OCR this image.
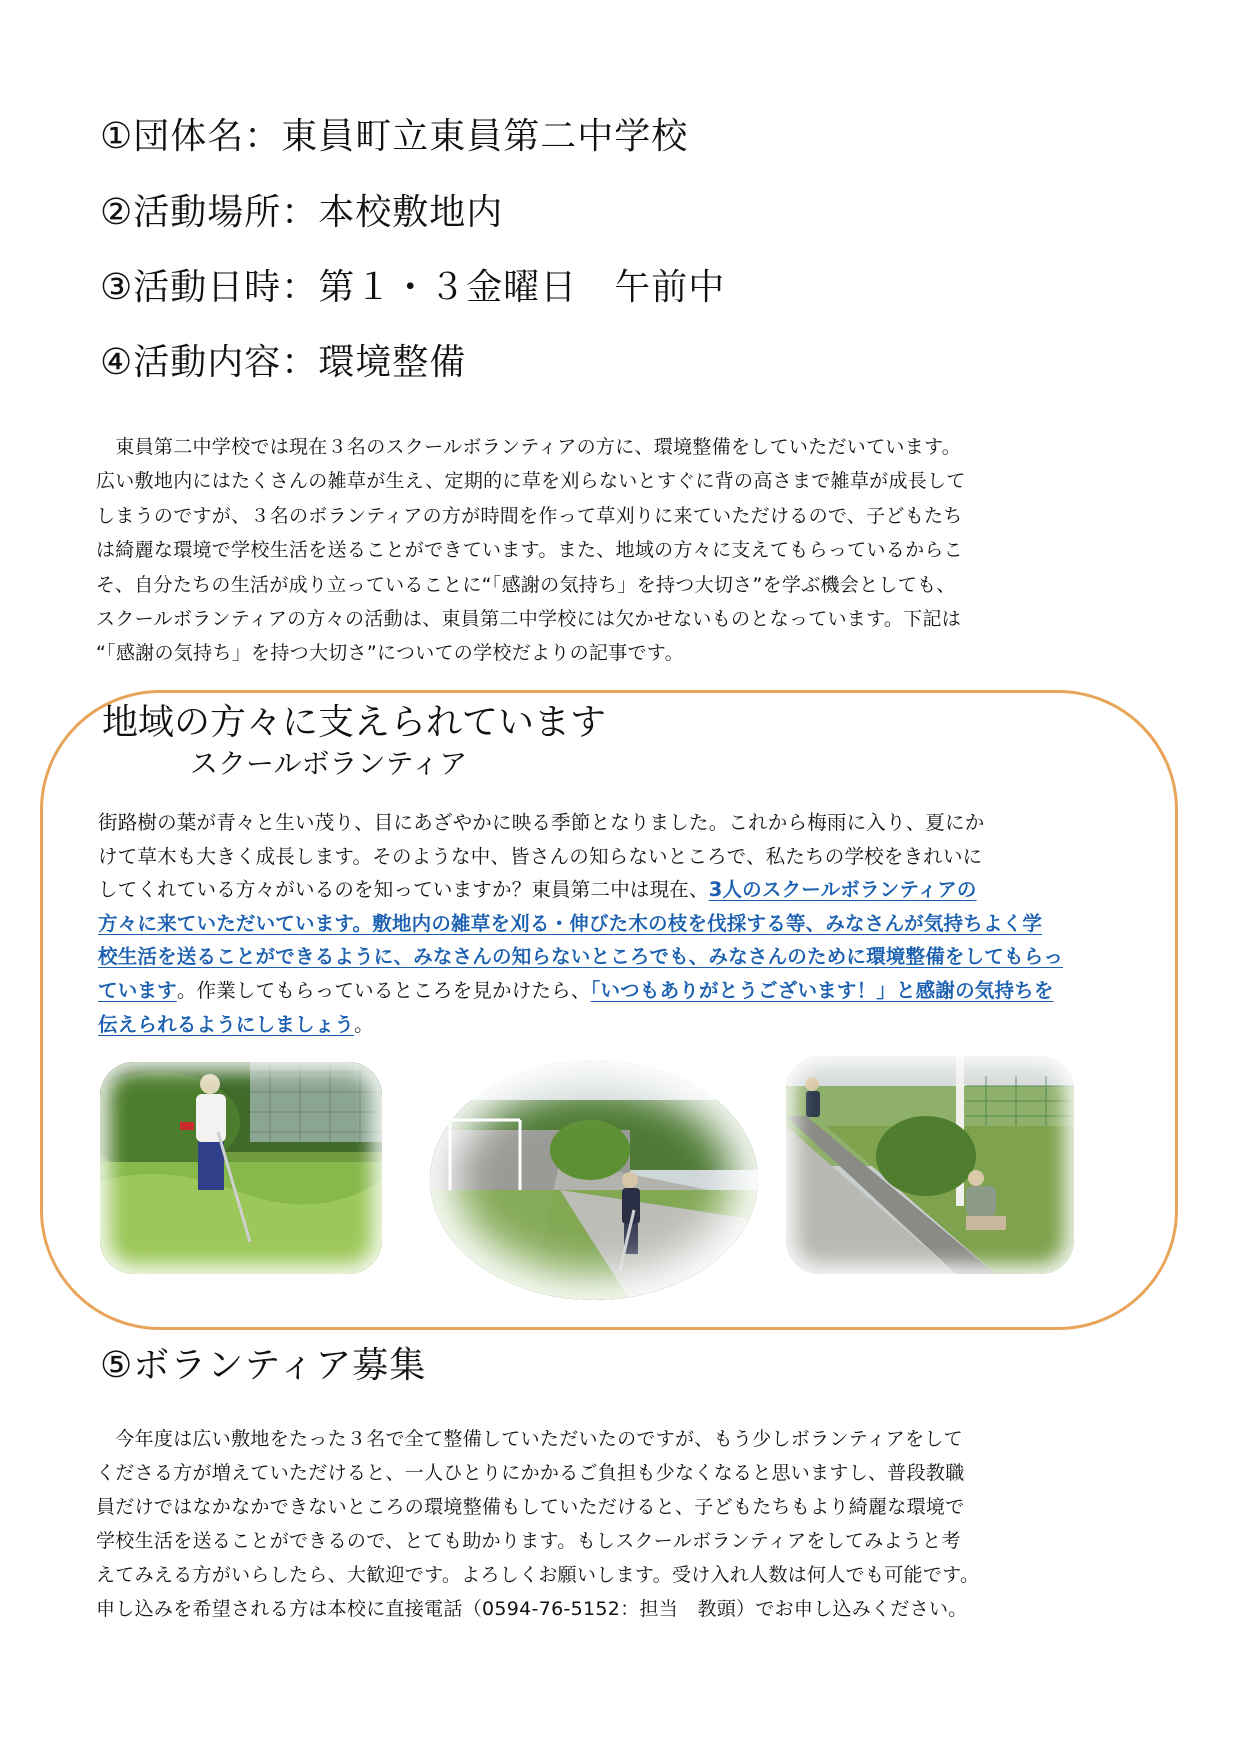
①団体名：東員町立東員第二中学校
②活動場所：本校敷地内
③活動日時：第１・３金曜日　午前中
④活動内容：環境整備

　東員第二中学校では現在３名のスクールボランティアの方に、環境整備をしていただいています。
広い敷地内にはたくさんの雑草が生え、定期的に草を刈らないとすぐに背の高さまで雑草が成長して
しまうのですが、３名のボランティアの方が時間を作って草刈りに来ていただけるので、子どもたち
は綺麗な環境で学校生活を送ることができています。また、地域の方々に支えてもらっているからこ
そ、自分たちの生活が成り立っていることに“「感謝の気持ち」を持つ大切さ”を学ぶ機会としても、
スクールボランティアの方々の活動は、東員第二中学校には欠かせないものとなっています。下記は
“「感謝の気持ち」を持つ大切さ”についての学校だよりの記事です。

地域の方々に支えられています
スクールボランティア

街路樹の葉が青々と生い茂り、目にあざやかに映る季節となりました。これから梅雨に入り、夏にか
けて草木も大きく成長します。そのような中、皆さんの知らないところで、私たちの学校をきれいに
してくれている方々がいるのを知っていますか？東員第二中は現在、3人のスクールボランティアの
方々に来ていただいています。敷地内の雑草を刈る・伸びた木の枝を伐採する等、みなさんが気持ちよく学
校生活を送ることができるように、みなさんの知らないところでも、みなさんのために環境整備をしてもらっ
ています。作業してもらっているところを見かけたら、「いつもありがとうございます！」と感謝の気持ちを
伝えられるようにしましょう。

⑤ボランティア募集

　今年度は広い敷地をたった３名で全て整備していただいたのですが、もう少しボランティアをして
くださる方が増えていただけると、一人ひとりにかかるご負担も少なくなると思いますし、普段教職
員だけではなかなかできないところの環境整備もしていただけると、子どもたちもより綺麗な環境で
学校生活を送ることができるので、とても助かります。もしスクールボランティアをしてみようと考
えてみえる方がいらしたら、大歓迎です。よろしくお願いします。受け入れ人数は何人でも可能です。
申し込みを希望される方は本校に直接電話（0594-76-5152：担当　教頭）でお申し込みください。
